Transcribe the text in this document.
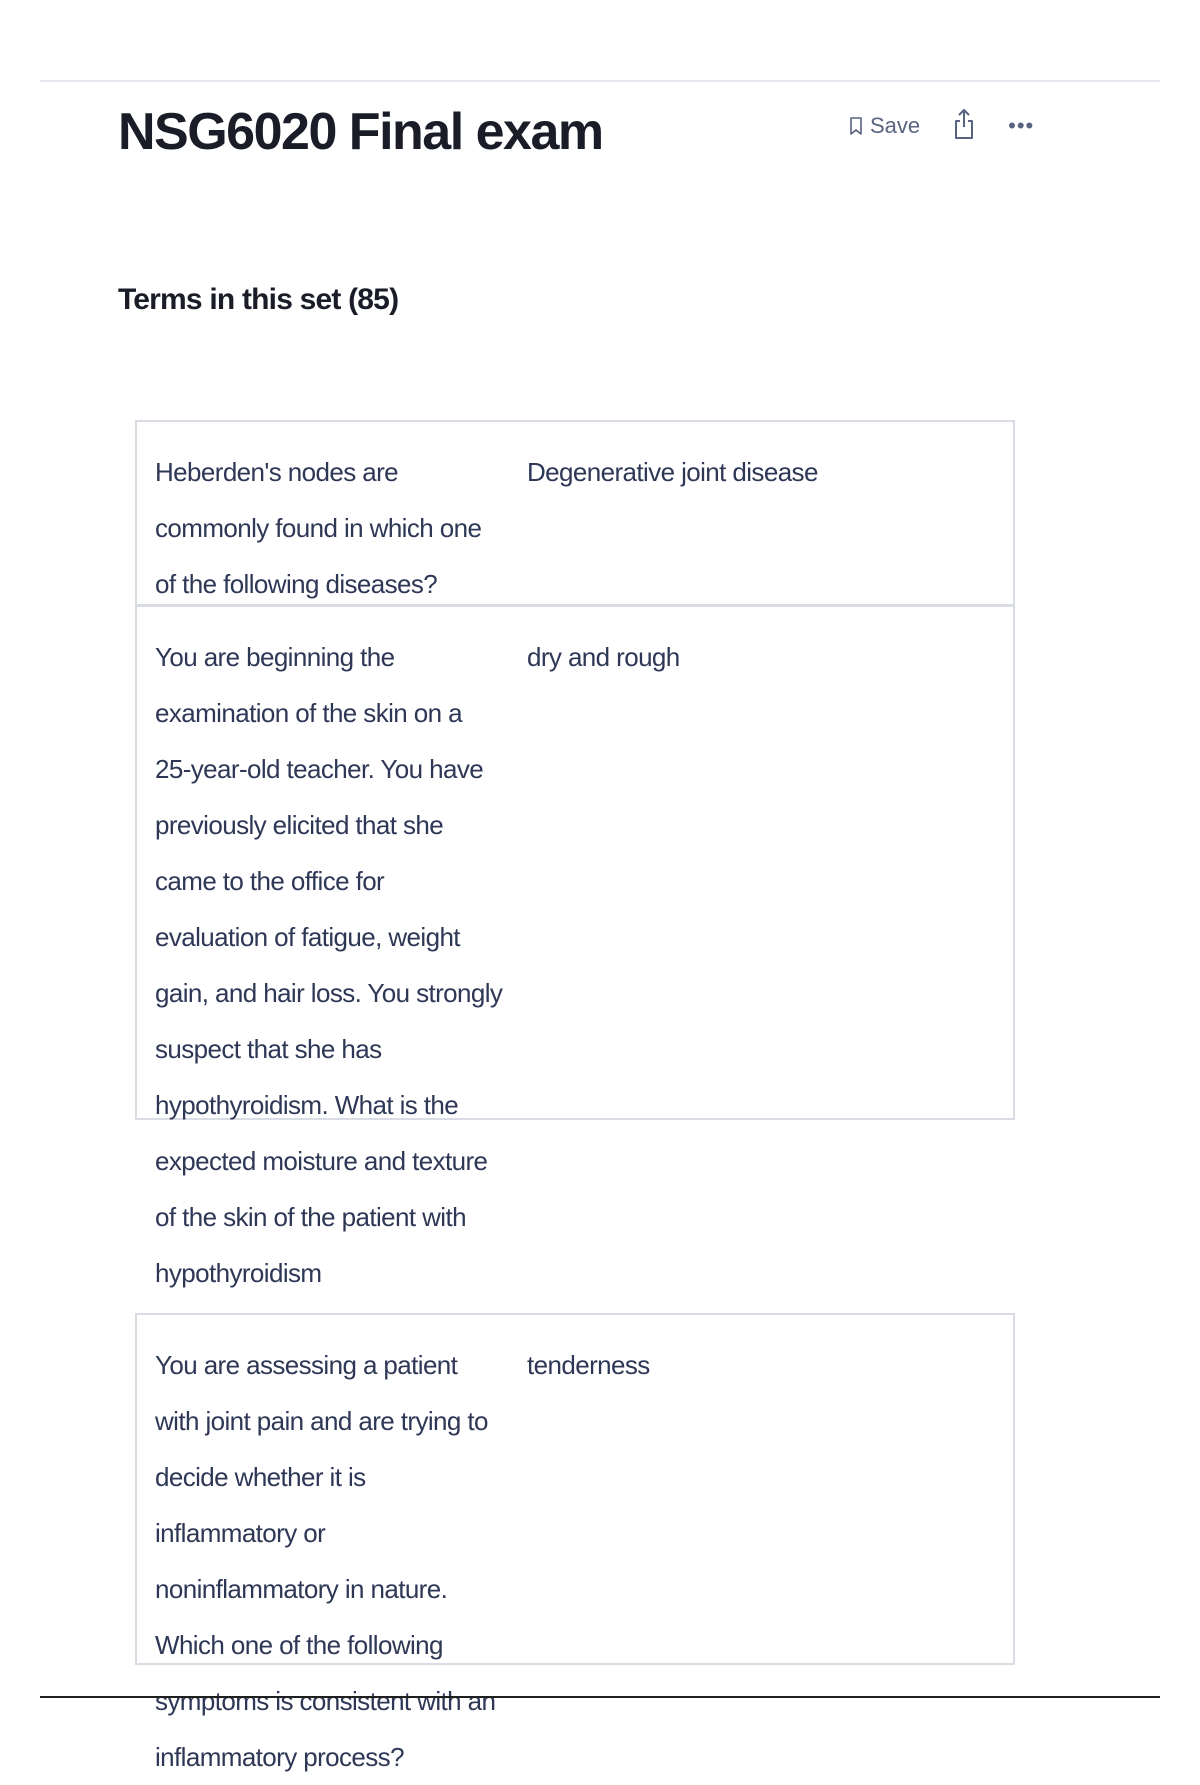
NSG6020 Final exam	Save	•••
Terms in this set (85)

Heberden's nodes are commonly found in which one of the following diseases?

Degenerative joint disease

You are beginning the examination of the skin on a 25-year-old teacher. You have previously elicited that she came to the office for evaluation of fatigue, weight gain, and hair loss. You strongly suspect that she has hypothyroidism. What is the expected moisture and texture of the skin of the patient with hypothyroidism

dry and rough

You are assessing a patient with joint pain and are trying to decide whether it is inflammatory or noninflammatory in nature. Which one of the following symptoms is consistent with an inflammatory process?

tenderness
